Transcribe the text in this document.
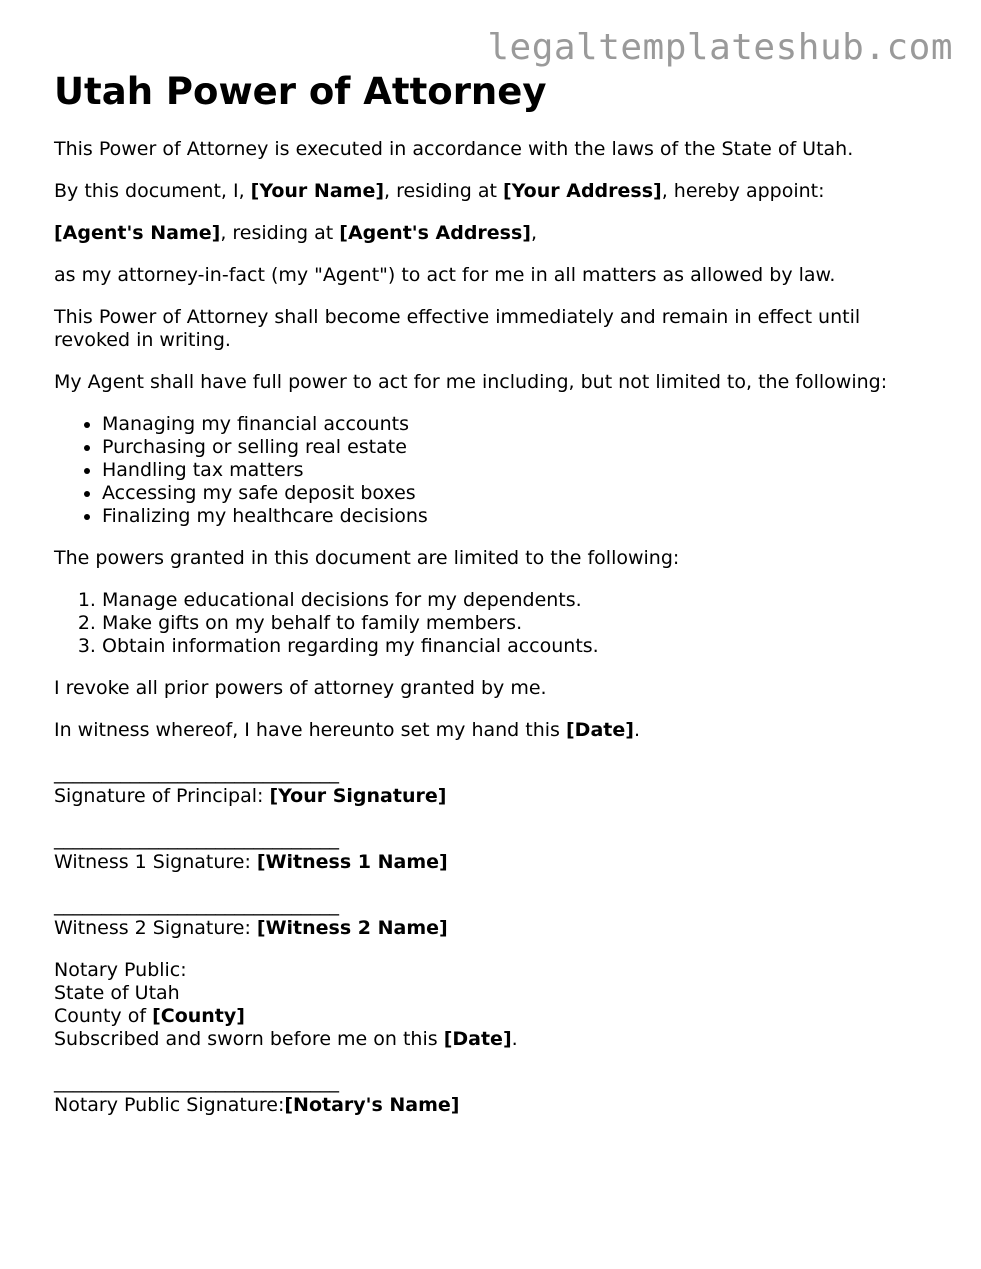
legaltemplateshub.com
Utah Power of Attorney

This Power of Attorney is executed in accordance with the laws of the State of Utah.

By this document, I, [Your Name], residing at [Your Address], hereby appoint:

[Agent's Name], residing at [Agent's Address],

as my attorney-in-fact (my "Agent") to act for me in all matters as allowed by law.

This Power of Attorney shall become effective immediately and remain in effect until revoked in writing.

My Agent shall have full power to act for me including, but not limited to, the following:

• Managing my financial accounts
• Purchasing or selling real estate
• Handling tax matters
• Accessing my safe deposit boxes
• Finalizing my healthcare decisions

The powers granted in this document are limited to the following:

1. Manage educational decisions for my dependents.
2. Make gifts on my behalf to family members.
3. Obtain information regarding my financial accounts.

I revoke all prior powers of attorney granted by me.

In witness whereof, I have hereunto set my hand this [Date].

______________________________
Signature of Principal: [Your Signature]
______________________________
Witness 1 Signature: [Witness 1 Name]
______________________________
Witness 2 Signature: [Witness 2 Name]
Notary Public:
State of Utah
County of [County]
Subscribed and sworn before me on this [Date].
______________________________
Notary Public Signature:[Notary's Name]
